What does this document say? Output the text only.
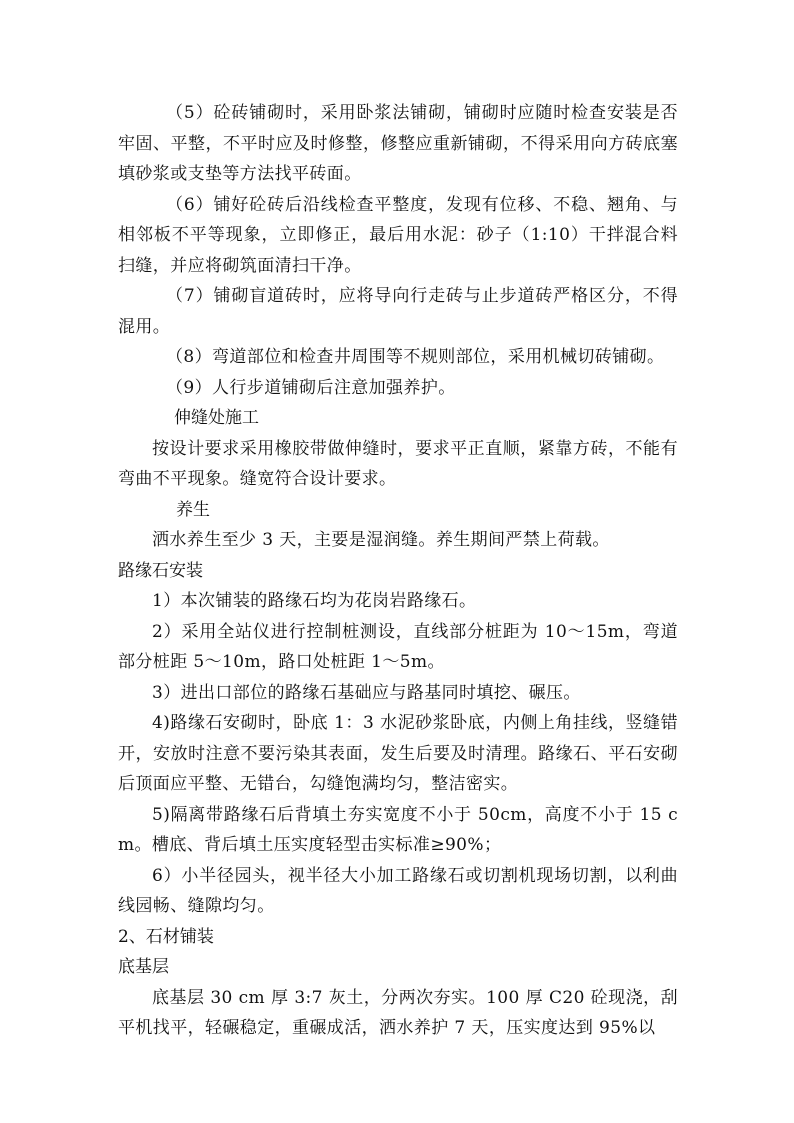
（5）砼砖铺砌时，采用卧浆法铺砌，铺砌时应随时检查安装是否牢固、平整，不平时应及时修整，修整应重新铺砌，不得采用向方砖底塞填砂浆或支垫等方法找平砖面。

（6）铺好砼砖后沿线检查平整度，发现有位移、不稳、翘角、与相邻板不平等现象，立即修正，最后用水泥：砂子（1:10）干拌混合料扫缝，并应将砌筑面清扫干净。

（7）铺砌盲道砖时，应将导向行走砖与止步道砖严格区分，不得混用。

（8）弯道部位和检查井周围等不规则部位，采用机械切砖铺砌。

（9）人行步道铺砌后注意加强养护。

伸缝处施工

按设计要求采用橡胶带做伸缝时，要求平正直顺，紧靠方砖，不能有弯曲不平现象。缝宽符合设计要求。

养生

洒水养生至少 3 天，主要是湿润缝。养生期间严禁上荷载。

路缘石安装

1）本次铺装的路缘石均为花岗岩路缘石。

2）采用全站仪进行控制桩测设，直线部分桩距为 10～15m，弯道部分桩距 5～10m，路口处桩距 1～5m。

3）进出口部位的路缘石基础应与路基同时填挖、碾压。

4)路缘石安砌时，卧底 1：3 水泥砂浆卧底，内侧上角挂线，竖缝错开，安放时注意不要污染其表面，发生后要及时清理。路缘石、平石安砌后顶面应平整、无错台，勾缝饱满均匀，整洁密实。

5)隔离带路缘石后背填土夯实宽度不小于 50cm，高度不小于 15 cm。槽底、背后填土压实度轻型击实标准≥90%；

6）小半径园头，视半径大小加工路缘石或切割机现场切割，以利曲线园畅、缝隙均匀。

2、石材铺装

底基层

底基层 30 cm 厚 3:7 灰土，分两次夯实。100 厚 C20 砼现浇，刮平机找平，轻碾稳定，重碾成活，洒水养护 7 天，压实度达到 95%以
